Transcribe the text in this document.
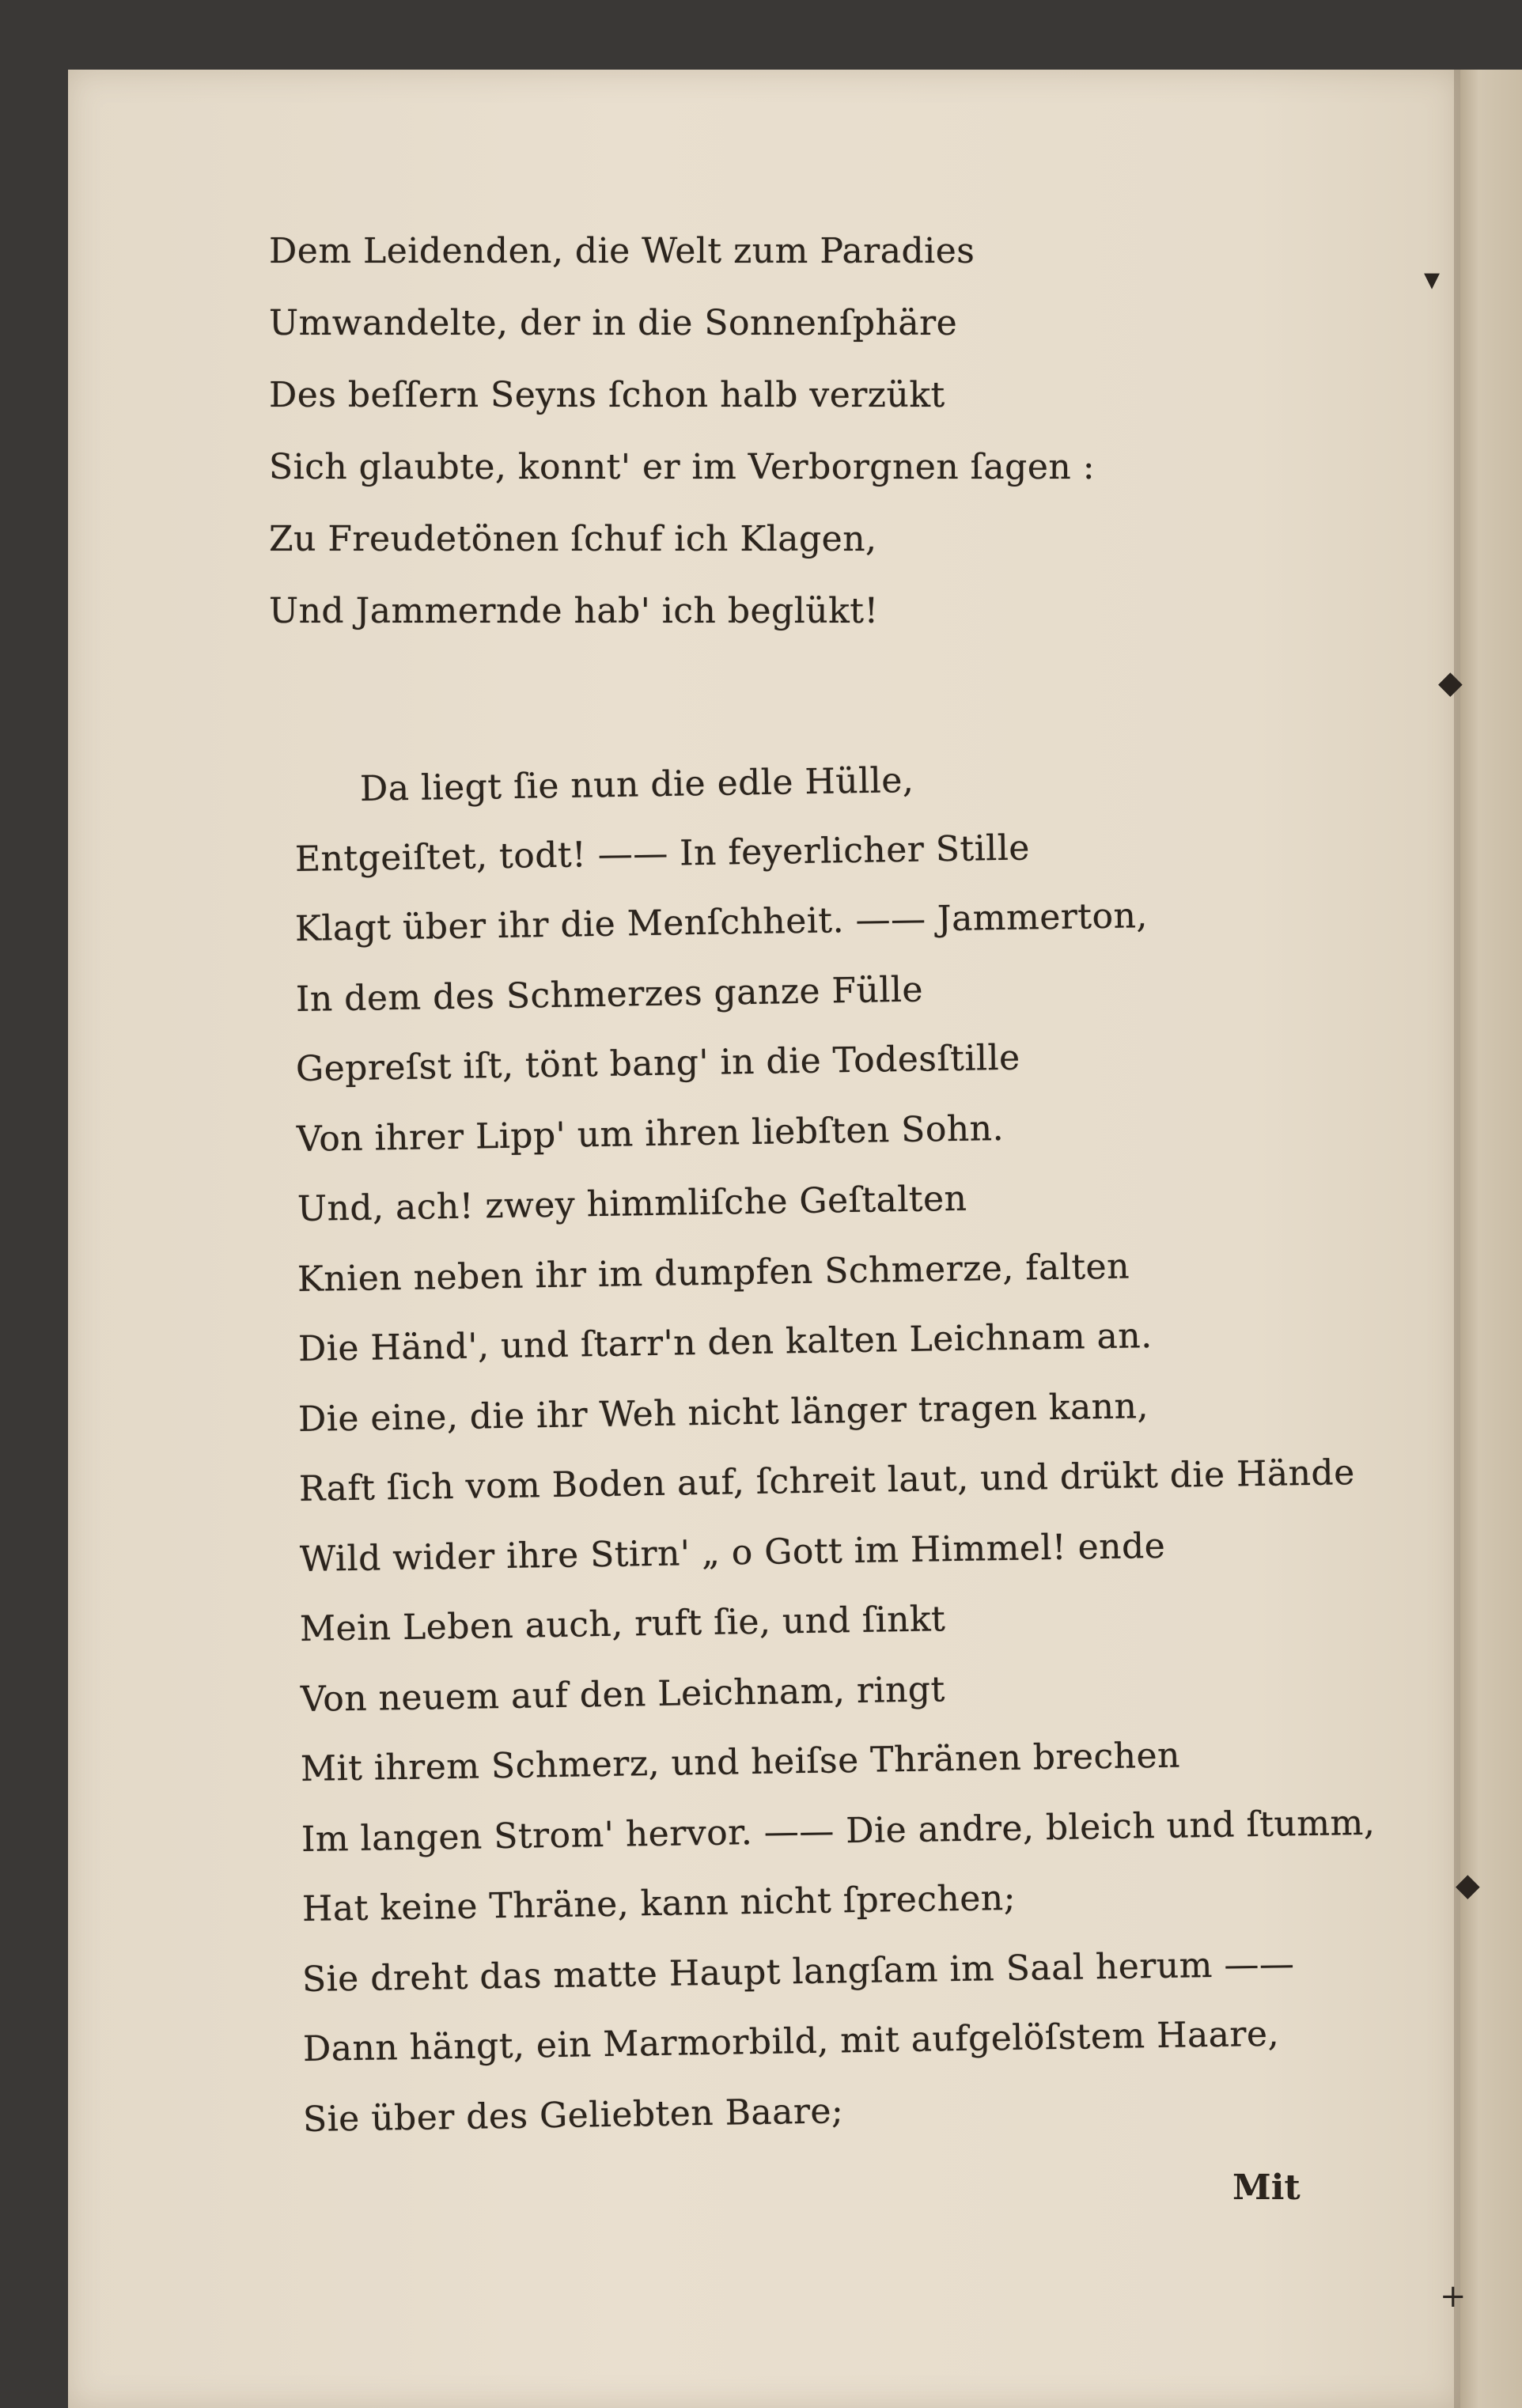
Dem Leidenden, die Welt zum Paradies
Umwandelte, der in die Sonnenſphäre
Des beſſern Seyns ſchon halb verzükt
Sich glaubte, konnt' er im Verborgnen ſagen :
Zu Freudetönen ſchuf ich Klagen,
Und Jammernde hab' ich beglükt!
Da liegt ſie nun die edle Hülle,
Entgeiſtet, todt! —— In feyerlicher Stille
Klagt über ihr die Menſchheit. —— Jammerton,
In dem des Schmerzes ganze Fülle
Gepreſst iſt, tönt bang' in die Todesſtille
Von ihrer Lipp' um ihren liebſten Sohn.
Und, ach! zwey himmliſche Geſtalten
Knien neben ihr im dumpfen Schmerze, falten
Die Händ', und ſtarr'n den kalten Leichnam an.
Die eine, die ihr Weh nicht länger tragen kann,
Raft ſich vom Boden auf, ſchreit laut, und drükt die Hände
Wild wider ihre Stirn' „ o Gott im Himmel! ende
Mein Leben auch, ruft ſie, und ſinkt
Von neuem auf den Leichnam, ringt
Mit ihrem Schmerz, und heiſse Thränen brechen
Im langen Strom' hervor. —— Die andre, bleich und ſtumm,
Hat keine Thräne, kann nicht ſprechen;
Sie dreht das matte Haupt langſam im Saal herum ——
Dann hängt, ein Marmorbild, mit aufgelöſstem Haare,
Sie über des Geliebten Baare;
Mit
▾
◆
◆
+
